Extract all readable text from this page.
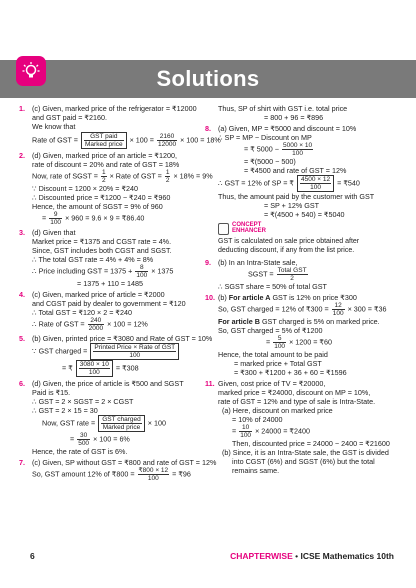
Solutions
1. (c) Given, marked price of the refrigerator = ₹12000
and GST paid = ₹2160.
We know that
Rate of GST = $\frac{\text{GST paid}}{\text{Marked price}} \times 100 = \frac{2160}{12000} \times 100 = 18\%$
2. (d) Given, marked price of an article = ₹1200,
rate of discount = 20% and rate of GST = 18%
Now, rate of SGST = $\frac{1}{2}$ × Rate of GST = $\frac{1}{2} \times 18\% = 9\%$
∵ Discount = 1200 × 20% = ₹240
∴ Discounted price = ₹1200 − ₹240 = ₹960
Hence, the amount of SGST = 9% of 960
= $\frac{9}{100} \times 960 = 9.6 \times 9$ = ₹86.40
3. (d) Given that
Market price = ₹1375 and CGST rate = 4%.
Since, GST includes both CGST and SGST.
∴ The total GST rate = 4% + 4% = 8%
∴ Price including GST = $1375 + \frac{8}{100} \times 1375$
= 1375 + 110 = 1485
4. (c) Given, marked price of article = ₹2000
and CGST paid by dealer to government = ₹120
∴ Total GST = ₹120 × 2 = ₹240
∴ Rate of GST = $\frac{240}{2000} \times 100 = 12\%$
5. (b) Given, printed price = ₹3080 and Rate of GST = 10%
∵ GST charged = $\frac{\text{Printed Price × Rate of GST}}{100}$
= ₹ $\frac{3080 \times 10}{100}$ = ₹308
6. (d) Given, the price of article is ₹500 and SGST
Paid is ₹15.
∴ GST = 2 × SGST = 2 × CGST
∴ GST = 2 × 15 = 30
Now, GST rate = $\frac{\text{GST charged}}{\text{Marked price}} \times 100$
= $\frac{30}{500} \times 100 = 6\%$
Hence, the rate of GST is 6%.
7. (c) Given, SP without GST = ₹800 and rate of GST = 12%
So, GST amount 12% of ₹800 = $\frac{₹800 \times 12}{100}$ = ₹96
Thus, SP of shirt with GST i.e. total price
= 800 + 96 = ₹896
8. (a) Given, MP = ₹5000 and discount = 10%
∴ SP = MP − Discount on MP
= ₹ $5000 - \frac{5000 \times 10}{100}$
= ₹(5000 − 500)
= ₹4500 and rate of GST = 12%
∴ GST = 12% of SP = ₹ $\frac{4500 \times 12}{100}$ = ₹540
Thus, the amount paid by the customer with GST
= SP + 12% GST
= ₹(4500 + 540) = ₹5040
CONCEPT
ENHANCER
GST is calculated on sale price obtained after
deducting discount, if any from the list price.
9. (b) In an Intra-State sale,
SGST = $\frac{\text{Total GST}}{2}$
∴ SGST share = 50% of total GST
10. (b) For article A GST is 12% on price ₹300
So, GST charged = 12% of ₹300 = $\frac{12}{100} \times 300$ = ₹36
For article B GST charged is 5% on marked price.
So, GST charged = 5% of ₹1200
= $\frac{5}{100} \times 1200$ = ₹60
Hence, the total amount to be paid
= marked price + Total GST
= ₹300 + ₹1200 + 36 + 60 = ₹1596
11. Given, cost price of TV = ₹20000,
marked price = ₹24000, discount on MP = 10%,
rate of GST = 12% and type of sale is Intra-State.
(a) Here, discount on marked price
= 10% of 24000
= $\frac{10}{100} \times 24000$ = ₹2400
Then, discounted price = 24000 − 2400 = ₹21600
(b) Since, it is an Intra-State sale, the GST is divided
into CGST (6%) and SGST (6%) but the total
remains same.
6	CHAPTERWISE • ICSE Mathematics 10th
